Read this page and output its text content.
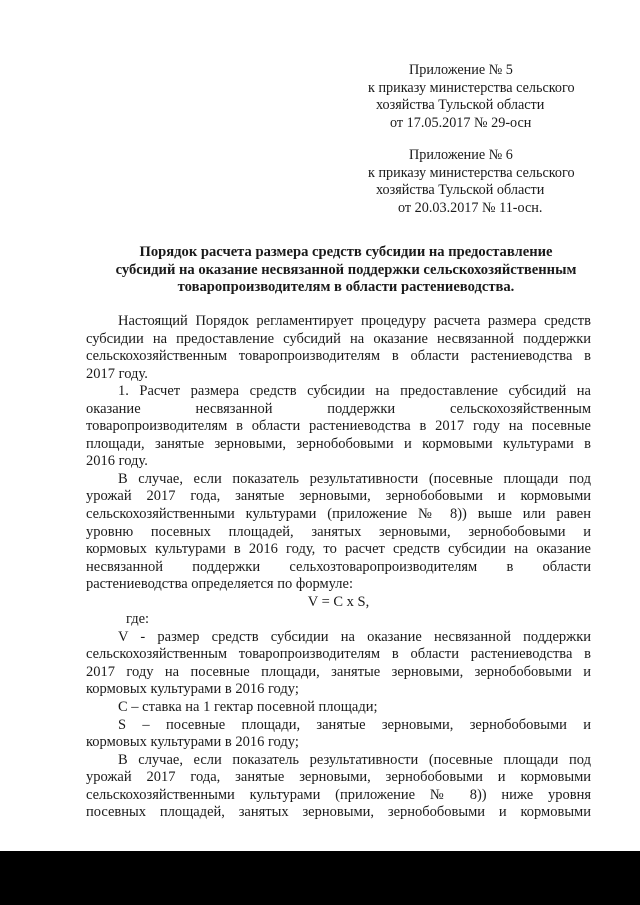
Приложение № 5
к приказу министерства сельского
хозяйства Тульской области
от 17.05.2017 № 29-осн
Приложение № 6
к приказу министерства сельского
хозяйства Тульской области
от 20.03.2017 № 11-осн.
Порядок расчета размера средств субсидии на предоставление
субсидий на оказание несвязанной поддержки сельскохозяйственным
товаропроизводителям в области растениеводства.
Настоящий Порядок регламентирует процедуру расчета размера средств
субсидии на предоставление субсидий на оказание несвязанной поддержки
сельскохозяйственным товаропроизводителям в области растениеводства в
2017 году.
1. Расчет размера средств субсидии на предоставление субсидий на
оказание несвязанной поддержки сельскохозяйственным
товаропроизводителям в области растениеводства в 2017 году на посевные
площади, занятые зерновыми, зернобобовыми и кормовыми культурами в
2016 году.
В случае, если показатель результативности (посевные площади под
урожай 2017 года, занятые зерновыми, зернобобовыми и кормовыми
сельскохозяйственными культурами (приложение № 8)) выше или равен
уровню посевных площадей, занятых зерновыми, зернобобовыми и
кормовых культурами в 2016 году, то расчет средств субсидии на оказание
несвязанной поддержки сельхозтоваропроизводителям в области
растениеводства определяется по формуле:
V = C x S,
где:
V - размер средств субсидии на оказание несвязанной поддержки
сельскохозяйственным товаропроизводителям в области растениеводства в
2017 году на посевные площади, занятые зерновыми, зернобобовыми и
кормовых культурами в 2016 году;
С – ставка на 1 гектар посевной площади;
S – посевные площади, занятые зерновыми, зернобобовыми и
кормовых культурами в 2016 году;
В случае, если показатель результативности (посевные площади под
урожай 2017 года, занятые зерновыми, зернобобовыми и кормовыми
сельскохозяйственными культурами (приложение № 8)) ниже уровня
посевных площадей, занятых зерновыми, зернобобовыми и кормовыми
